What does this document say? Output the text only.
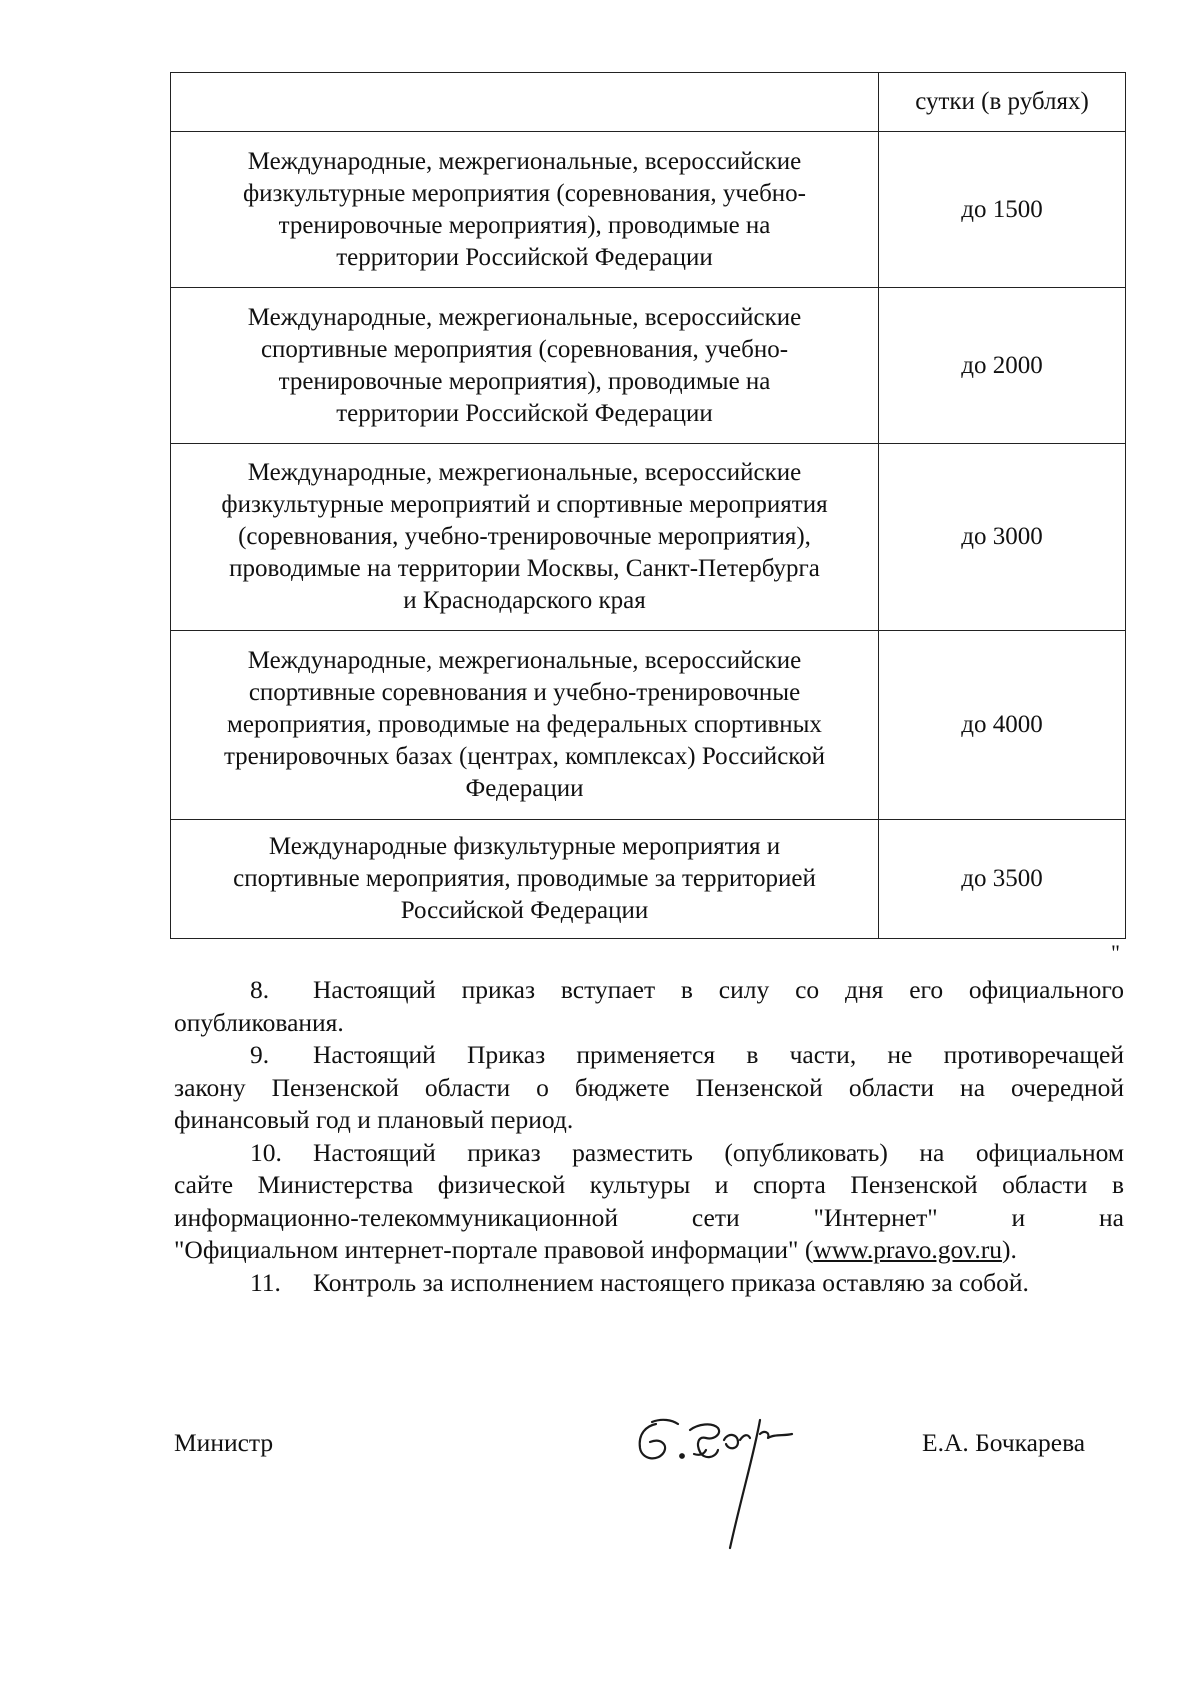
	сутки (в рублях)

Международные, межрегиональные, всероссийские
физкультурные мероприятия (соревнования, учебно-
тренировочные мероприятия), проводимые на
территории Российской Федерации	до 1500

Международные, межрегиональные, всероссийские
спортивные мероприятия (соревнования, учебно-
тренировочные мероприятия), проводимые на
территории Российской Федерации	до 2000

Международные, межрегиональные, всероссийские
физкультурные мероприятий и спортивные мероприятия
(соревнования, учебно-тренировочные мероприятия),
проводимые на территории Москвы, Санкт-Петербурга
и Краснодарского края	до 3000

Международные, межрегиональные, всероссийские
спортивные соревнования и учебно-тренировочные
мероприятия, проводимые на федеральных спортивных
тренировочных базах (центрах, комплексах) Российской
Федерации	до 4000

Международные физкультурные мероприятия и
спортивные мероприятия, проводимые за территорией
Российской Федерации	до 3500
"
8. Настоящий приказ вступает в силу со дня его официального
опубликования.
9. Настоящий Приказ применяется в части, не противоречащей
закону Пензенской области о бюджете Пензенской области на очередной
финансовый год и плановый период.
10. Настоящий приказ разместить (опубликовать) на официальном
сайте Министерства физической культуры и спорта Пензенской области в
информационно-телекоммуникационной сети "Интернет" и на
"Официальном интернет-портале правовой информации" (www.pravo.gov.ru).
11. Контроль за исполнением настоящего приказа оставляю за собой.
Министр	Е.А. Бочкарева
